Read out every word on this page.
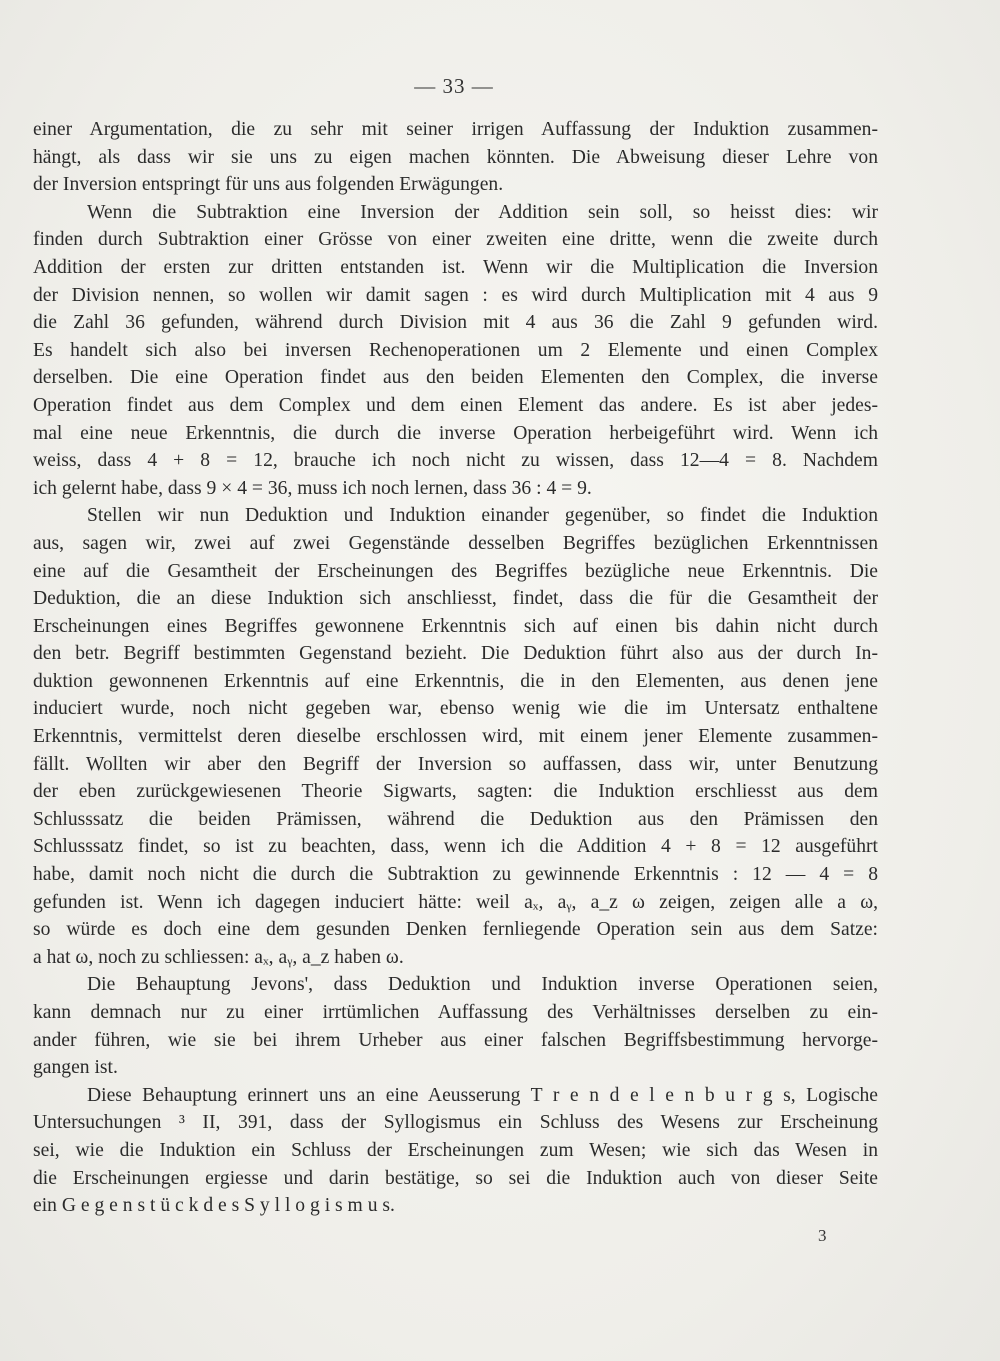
— 33 —
einer Argumentation, die zu sehr mit seiner irrigen Auffassung der Induktion zusammen-
hängt, als dass wir sie uns zu eigen machen könnten. Die Abweisung dieser Lehre von
der Inversion entspringt für uns aus folgenden Erwägungen.
Wenn die Subtraktion eine Inversion der Addition sein soll, so heisst dies: wir
finden durch Subtraktion einer Grösse von einer zweiten eine dritte, wenn die zweite durch
Addition der ersten zur dritten entstanden ist. Wenn wir die Multiplication die Inversion
der Division nennen, so wollen wir damit sagen : es wird durch Multiplication mit 4 aus 9
die Zahl 36 gefunden, während durch Division mit 4 aus 36 die Zahl 9 gefunden wird.
Es handelt sich also bei inversen Rechenoperationen um 2 Elemente und einen Complex
derselben. Die eine Operation findet aus den beiden Elementen den Complex, die inverse
Operation findet aus dem Complex und dem einen Element das andere. Es ist aber jedes-
mal eine neue Erkenntnis, die durch die inverse Operation herbeigeführt wird. Wenn ich
weiss, dass 4 + 8 = 12, brauche ich noch nicht zu wissen, dass 12—4 = 8. Nachdem
ich gelernt habe, dass 9 × 4 = 36, muss ich noch lernen, dass 36 : 4 = 9.
Stellen wir nun Deduktion und Induktion einander gegenüber, so findet die Induktion
aus, sagen wir, zwei auf zwei Gegenstände desselben Begriffes bezüglichen Erkenntnissen
eine auf die Gesamtheit der Erscheinungen des Begriffes bezügliche neue Erkenntnis. Die
Deduktion, die an diese Induktion sich anschliesst, findet, dass die für die Gesamtheit der
Erscheinungen eines Begriffes gewonnene Erkenntnis sich auf einen bis dahin nicht durch
den betr. Begriff bestimmten Gegenstand bezieht. Die Deduktion führt also aus der durch In-
duktion gewonnenen Erkenntnis auf eine Erkenntnis, die in den Elementen, aus denen jene
induciert wurde, noch nicht gegeben war, ebenso wenig wie die im Untersatz enthaltene
Erkenntnis, vermittelst deren dieselbe erschlossen wird, mit einem jener Elemente zusammen-
fällt. Wollten wir aber den Begriff der Inversion so auffassen, dass wir, unter Benutzung
der eben zurückgewiesenen Theorie Sigwarts, sagten: die Induktion erschliesst aus dem
Schlusssatz die beiden Prämissen, während die Deduktion aus den Prämissen den
Schlusssatz findet, so ist zu beachten, dass, wenn ich die Addition 4 + 8 = 12 ausgeführt
habe, damit noch nicht die durch die Subtraktion zu gewinnende Erkenntnis : 12 — 4 = 8
gefunden ist. Wenn ich dagegen induciert hätte: weil aₓ, aᵧ, a_z ω zeigen, zeigen alle a ω,
so würde es doch eine dem gesunden Denken fernliegende Operation sein aus dem Satze:
a hat ω, noch zu schliessen: aₓ, aᵧ, a_z haben ω.
Die Behauptung Jevons', dass Deduktion und Induktion inverse Operationen seien,
kann demnach nur zu einer irrtümlichen Auffassung des Verhältnisses derselben zu ein-
ander führen, wie sie bei ihrem Urheber aus einer falschen Begriffsbestimmung hervorge-
gangen ist.
Diese Behauptung erinnert uns an eine Aeusserung T r e n d e l e n b u r g s, Logische
Untersuchungen ³ II, 391, dass der Syllogismus ein Schluss des Wesens zur Erscheinung
sei, wie die Induktion ein Schluss der Erscheinungen zum Wesen; wie sich das Wesen in
die Erscheinungen ergiesse und darin bestätige, so sei die Induktion auch von dieser Seite
ein G e g e n s t ü c k d e s S y l l o g i s m u s.
3
